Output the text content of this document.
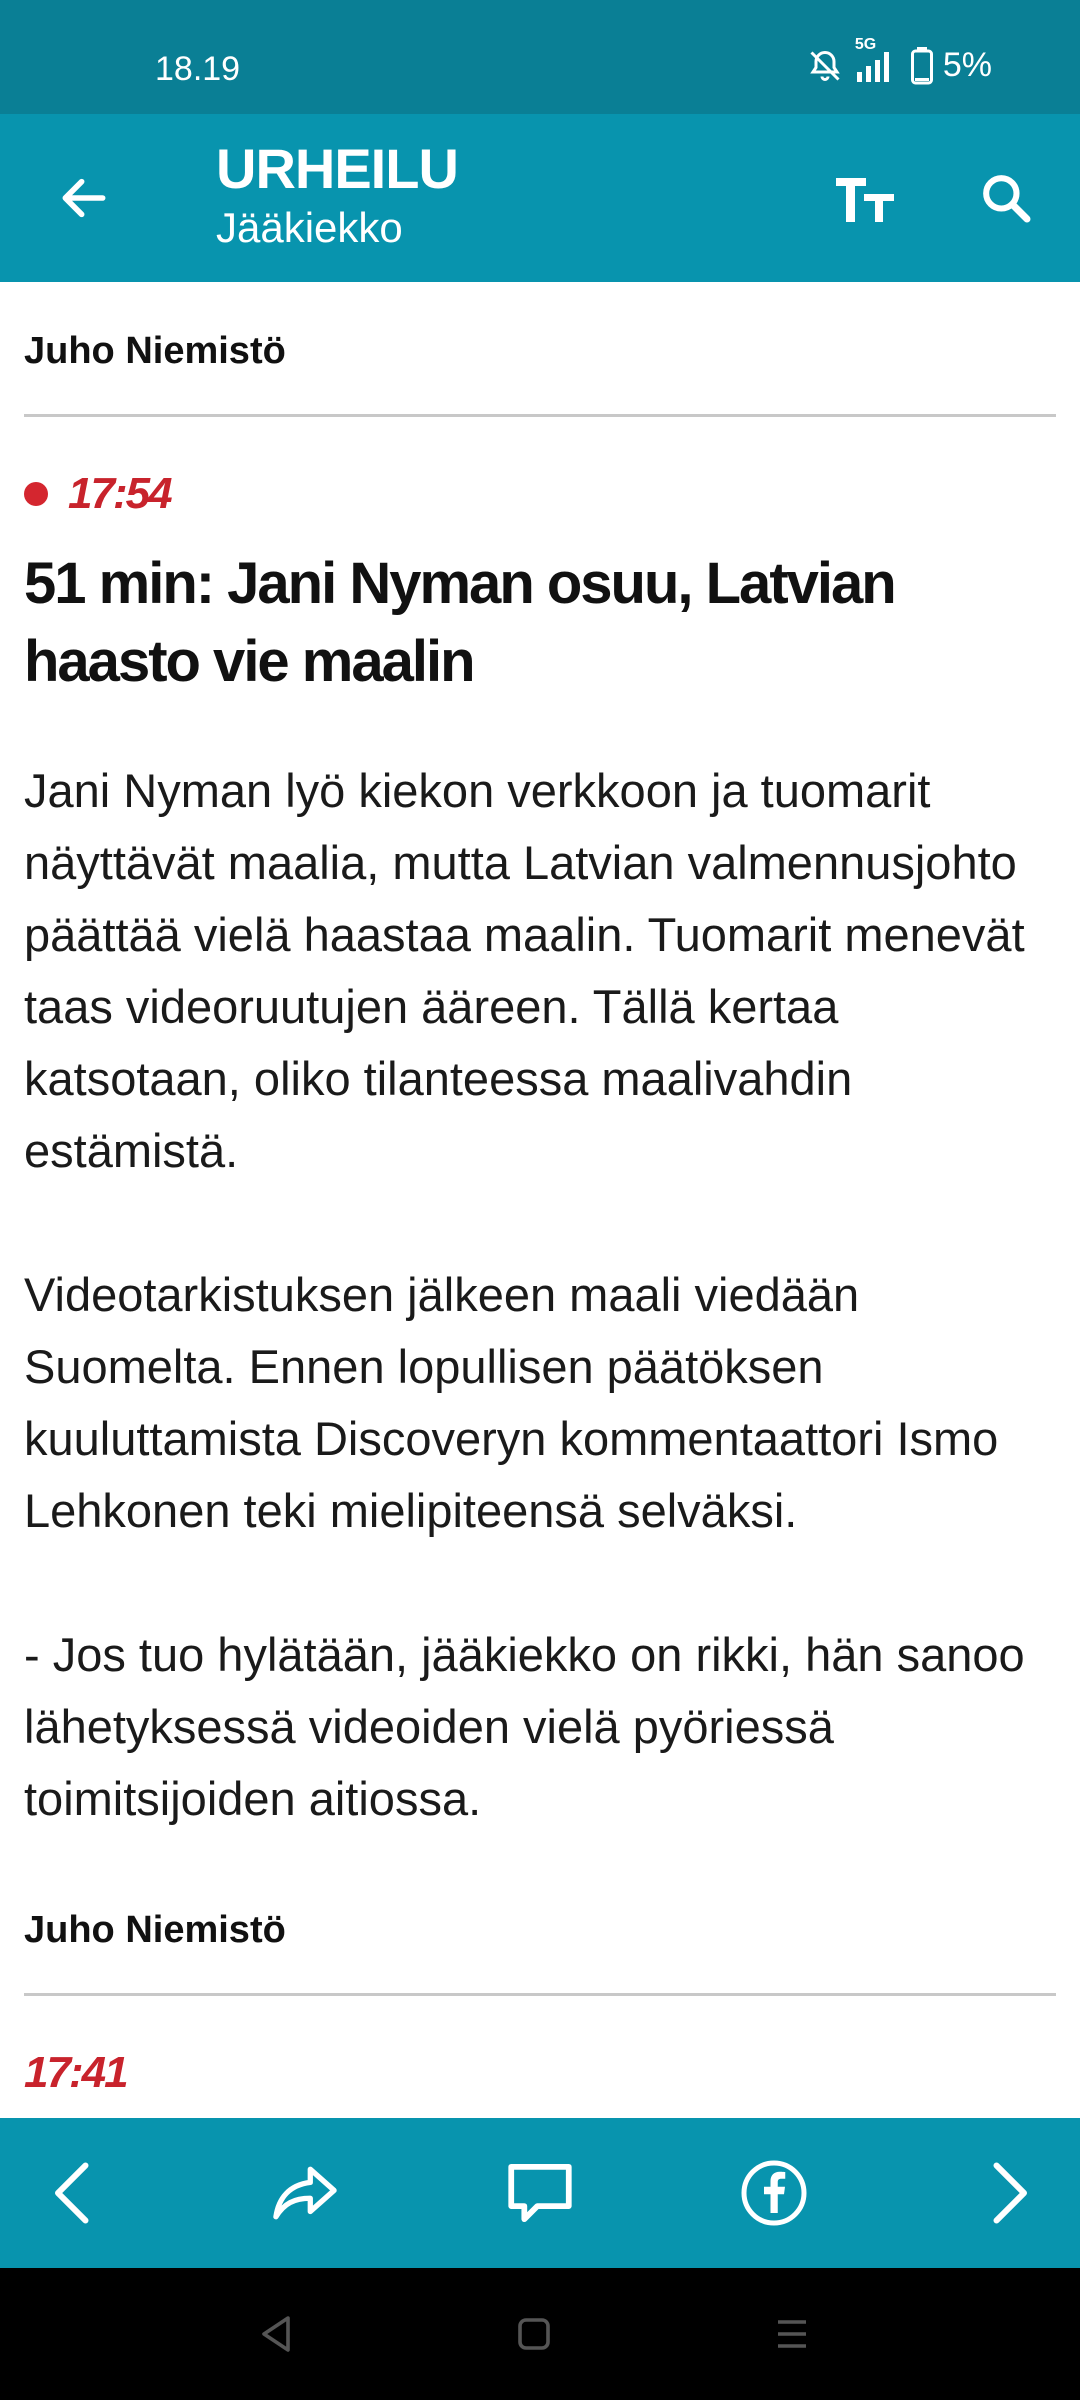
18.19
5G
5%
URHEILU
Jääkiekko
Juho Niemistö
17:54
51 min: Jani Nyman osuu, Latvian haasto vie maalin

Jani Nyman lyö kiekon verkkoon ja tuomarit näyttävät maalia, mutta Latvian valmennusjohto päättää vielä haastaa maalin. Tuomarit menevät taas videoruutujen ääreen. Tällä kertaa katsotaan, oliko tilanteessa maalivahdin estämistä.

Videotarkistuksen jälkeen maali viedään Suomelta. Ennen lopullisen päätöksen kuuluttamista Discoveryn kommentaattori Ismo Lehkonen teki mielipiteensä selväksi.

- Jos tuo hylätään, jääkiekko on rikki, hän sanoo lähetyksessä videoiden vielä pyöriessä toimitsijoiden aitiossa.

Juho Niemistö
17:41
